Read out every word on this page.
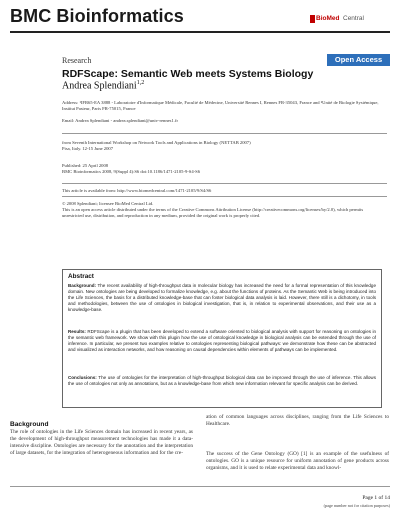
BMC Bioinformatics	BioMed Central
Research	Open Access
RDFScape: Semantic Web meets Systems Biology
Andrea Splendiani$^{1,2}$
Address: ¹IFR65-EA 3888 - Laboratoire d'Informatique Médicale, Faculté de Médecine, Université Rennes I, Rennes FR-35043, France and ²Unité de Biologie Systémique, Institut Pasteur, Paris FR-75015, France
Email: Andrea Splendiani - andrea.splendiani@univ-rennes1.fr
from Seventh International Workshop on Network Tools and Applications in Biology (NETTAB 2007)
Pisa, Italy. 12-15 June 2007
Published: 25 April 2008
BMC Bioinformatics 2008, 9(Suppl 4):S6 doi:10.1186/1471-2105-9-S4-S6
This article is available from: http://www.biomedcentral.com/1471-2105/9/S4/S6
© 2008 Splendiani; licensee BioMed Central Ltd.
This is an open access article distributed under the terms of the Creative Commons Attribution License (http://creativecommons.org/licenses/by/2.0), which permits unrestricted use, distribution, and reproduction in any medium, provided the original work is properly cited.
Abstract
Background: The recent availability of high-throughput data in molecular biology has increased the need for a formal representation of this knowledge domain. New ontologies are being developed to formalize knowledge, e.g. about the functions of proteins. As the Semantic Web is being introduced into the Life Sciences, the basis for a distributed knowledge-base that can foster biological data analysis is laid. However, there still is a dichotomy, in tools and methodologies, between the use of ontologies in biological investigation, that is, in relation to experimental observations, and their use as a knowledge-base.
Results: RDFScape is a plugin that has been developed to extend a software oriented to biological analysis with support for reasoning on ontologies in the semantic web framework. We show with this plugin how the use of ontological knowledge in biological analysis can be extended through the use of inference. In particular, we present two examples relative to ontologies representing biological pathways: we demonstrate how these can be abstracted and visualized as interaction networks, and how reasoning on causal dependencies within elements of pathways can be implemented.
Conclusions: The use of ontologies for the interpretation of high-throughput biological data can be improved through the use of inference. This allows the use of ontologies not only as annotations, but as a knowledge-base from which new information relevant for specific analysis can be derived.
Background
The role of ontologies in the Life Sciences domain has increased in recent years, as the development of high-throughput measurement technologies has made it a data-intensive discipline. Ontologies are necessary for the annotation and the interpretation of large datasets, for the integration of heterogeneous information and for the cre-
ation of common languages across disciplines, ranging from the Life Sciences to Healthcare.
The success of the Gene Ontology (GO) [1] is an example of the usefulness of ontologies. GO is a unique resource for uniform annotation of gene products across organisms, and it is used to relate experimental data and knowl-
Page 1 of 14
(page number not for citation purposes)
